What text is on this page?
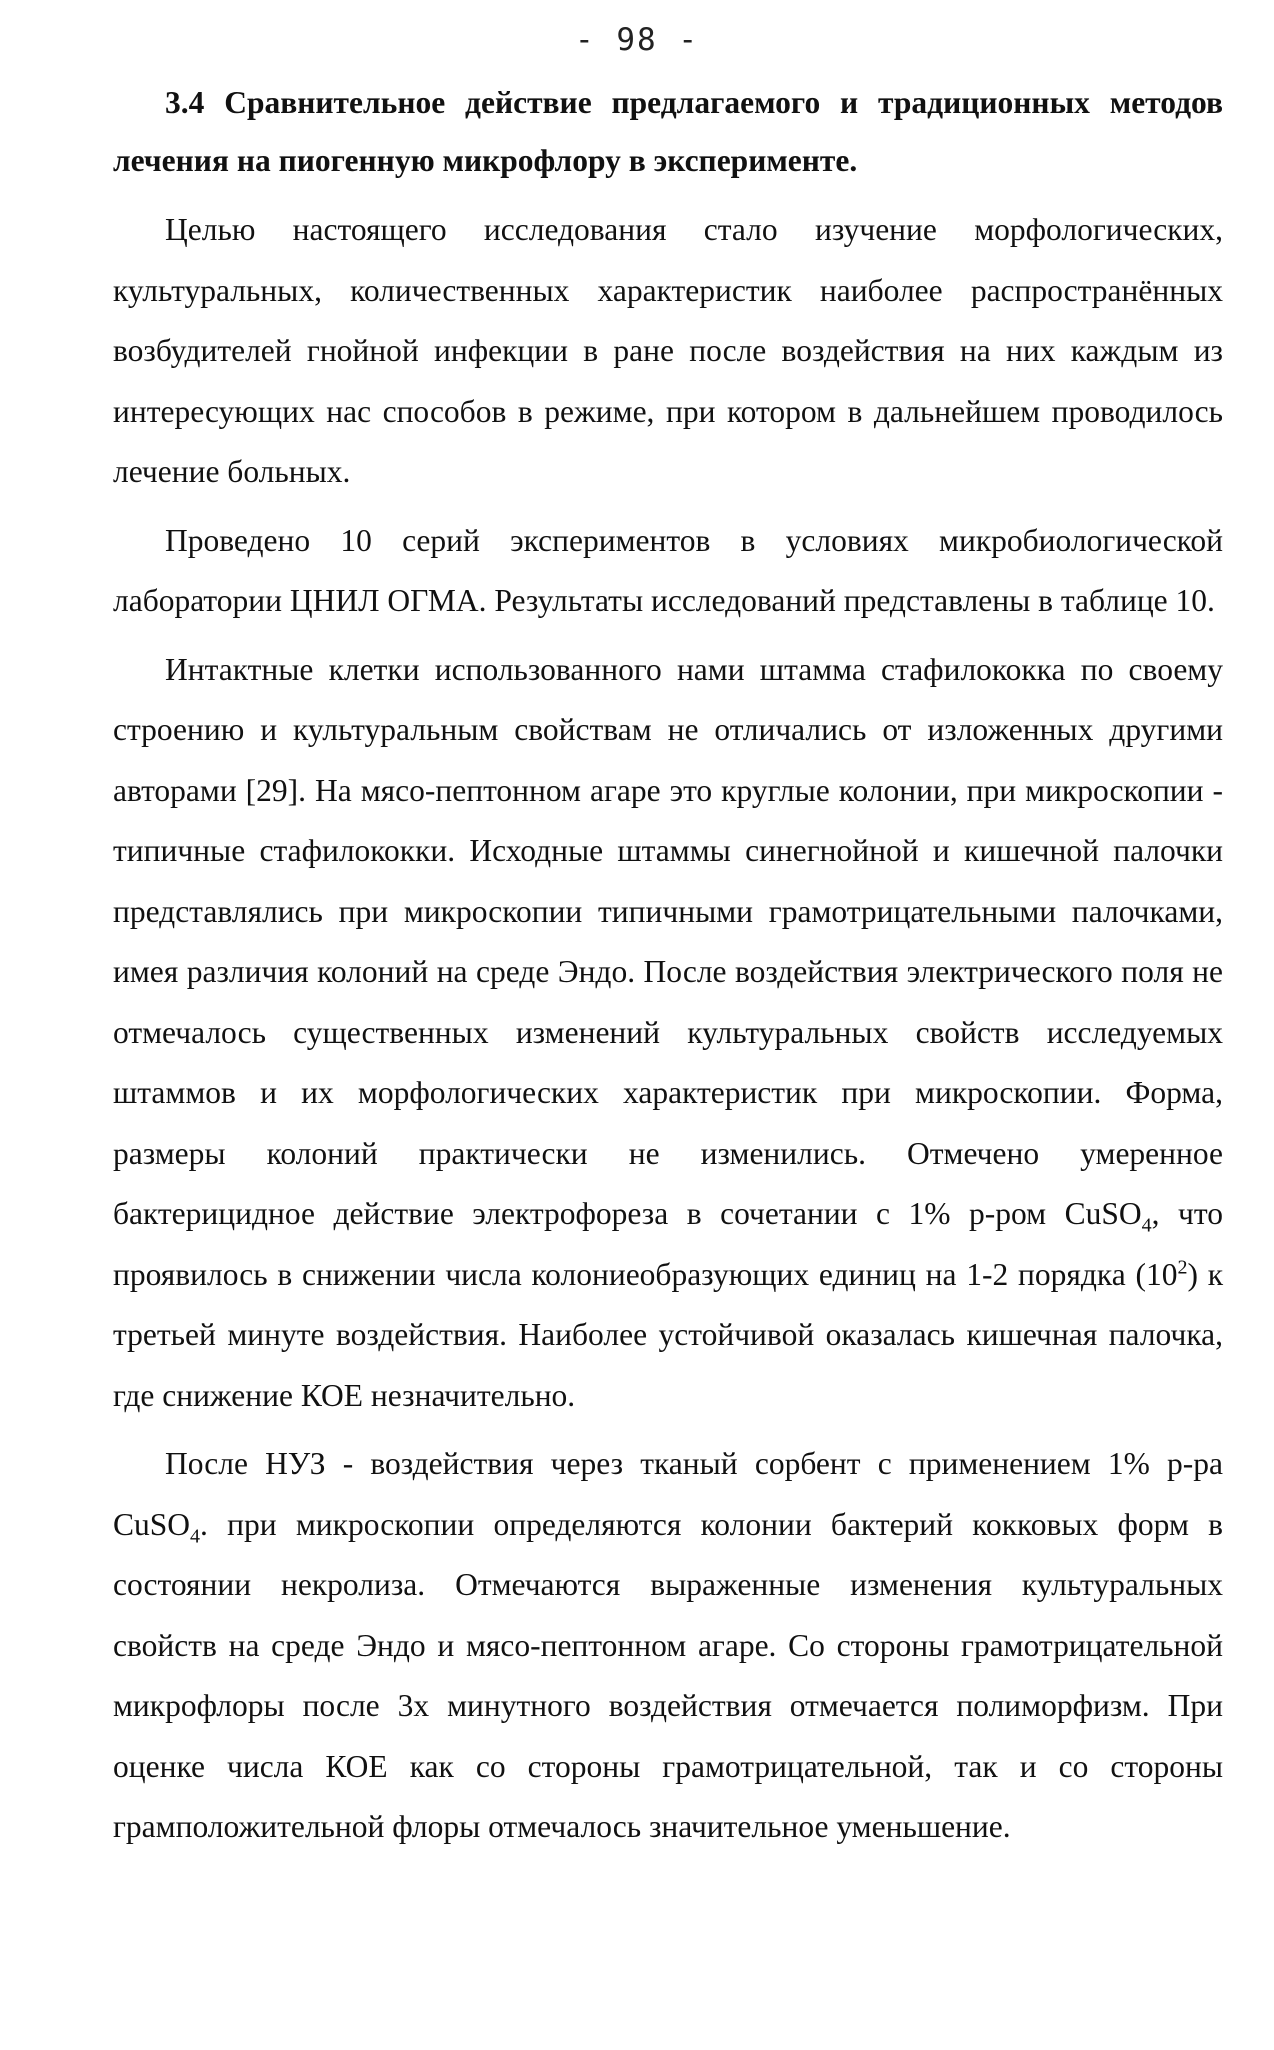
- 98 -

3.4 Сравнительное действие предлагаемого и традиционных методов лечения на пиогенную микрофлору в эксперименте.

Целью настоящего исследования стало изучение морфологических, культуральных, количественных характеристик наиболее распространённых возбудителей гнойной инфекции в ране после воздействия на них каждым из интересующих нас способов в режиме, при котором в дальнейшем проводилось лечение больных.

Проведено 10 серий экспериментов в условиях микробиологической лаборатории ЦНИЛ ОГМА. Результаты исследований представлены в таблице 10.

Интактные клетки использованного нами штамма стафилококка по своему строению и культуральным свойствам не отличались от изложенных другими авторами [29]. На мясо-пептонном агаре это круглые колонии, при микроскопии - типичные стафилококки. Исходные штаммы синегнойной и кишечной палочки представлялись при микроскопии типичными грамотрицательными палочками, имея различия колоний на среде Эндо. После воздействия электрического поля не отмечалось существенных изменений культуральных свойств исследуемых штаммов и их морфологических характеристик при микроскопии. Форма, размеры колоний практически не изменились. Отмечено умеренное бактерицидное действие электрофореза в сочетании с 1% р-ром CuSO$_4$, что проявилось в снижении числа колониеобразующих единиц на 1-2 порядка $(10^2)$ к третьей минуте воздействия. Наиболее устойчивой оказалась кишечная палочка, где снижение КОЕ незначительно.

После НУЗ - воздействия через тканый сорбент с применением 1% р-ра CuSO$_4$. при микроскопии определяются колонии бактерий кокковых форм в состоянии некролиза. Отмечаются выраженные изменения культуральных свойств на среде Эндо и мясо-пептонном агаре. Со стороны грамотрицательной микрофлоры после 3х минутного воздействия отмечается полиморфизм. При оценке числа КОЕ как со стороны грамотрицательной, так и со стороны грамположительной флоры отмечалось значительное уменьшение.
